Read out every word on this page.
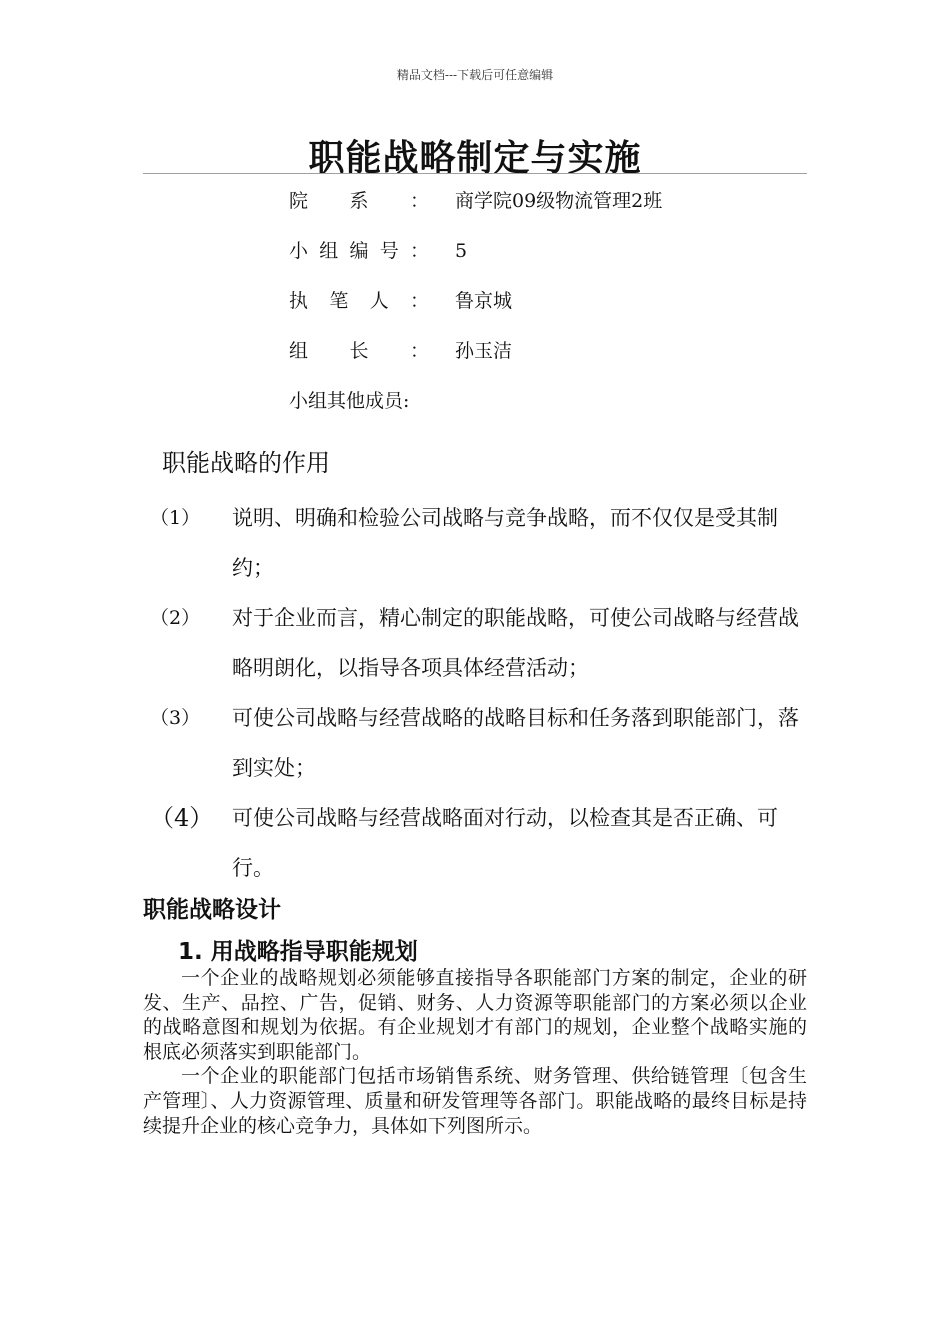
精品文档---下载后可任意编辑
职能战略制定与实施
院 系 ：	商学院09级物流管理2班
小 组 编 号 ：	5
执 笔 人 ：	鲁京城
组 长 ：	孙玉洁
小组其他成员:
职能战略的作用
（1）	说明、明确和检验公司战略与竞争战略，而不仅仅是受其制约；
（2）	对于企业而言，精心制定的职能战略，可使公司战略与经营战略明朗化，以指导各项具体经营活动；
（3）	可使公司战略与经营战略的战略目标和任务落到职能部门，落到实处；
（4） 可使公司战略与经营战略面对行动，以检查其是否正确、可行。
职能战略设计
1. 用战略指导职能规划

一个企业的战略规划必须能够直接指导各职能部门方案的制定，企业的研发、生产、品控、广告，促销、财务、人力资源等职能部门的方案必须以企业的战略意图和规划为依据。有企业规划才有部门的规划，企业整个战略实施的根底必须落实到职能部门。

一个企业的职能部门包括市场销售系统、财务管理、供给链管理〔包含生产管理〕、人力资源管理、质量和研发管理等各部门。职能战略的最终目标是持续提升企业的核心竞争力，具体如下列图所示。
